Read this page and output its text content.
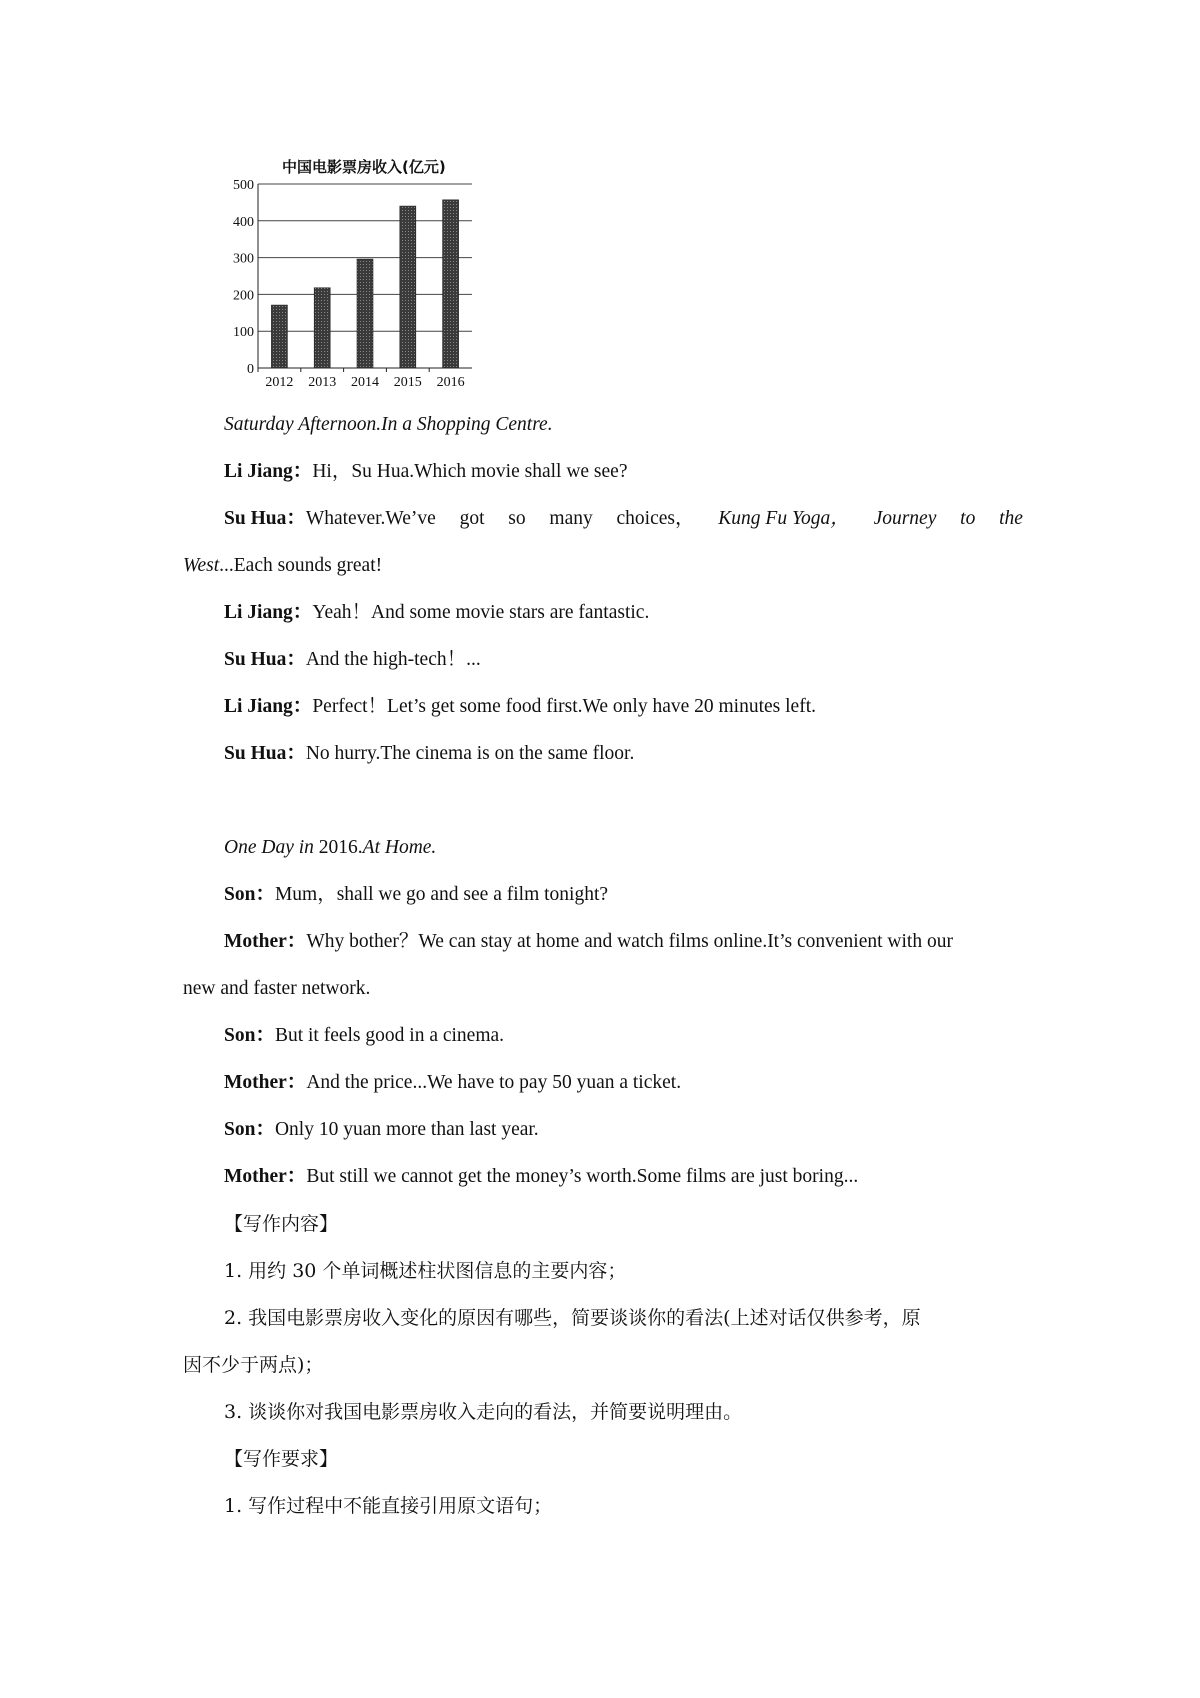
中国电影票房收入(亿元)
0
100
200
300
400
500
2012 2013 2014 2015 2016
Saturday Afternoon.In a Shopping Centre.
Li Jiang：Hi，Su Hua.Which movie shall we see?
Su Hua：Whatever.We’ve got so many choices， Kung Fu Yoga， Journey to the
West...Each sounds great!
Li Jiang：Yeah！And some movie stars are fantastic.
Su Hua：And the high-tech！...
Li Jiang：Perfect！Let’s get some food first.We only have 20 minutes left.
Su Hua：No hurry.The cinema is on the same floor.
One Day in 2016.At Home.
Son：Mum，shall we go and see a film tonight?
Mother：Why bother？We can stay at home and watch films online.It’s convenient with our
new and faster network.
Son：But it feels good in a cinema.
Mother：And the price...We have to pay 50 yuan a ticket.
Son：Only 10 yuan more than last year.
Mother：But still we cannot get the money’s worth.Some films are just boring...
【写作内容】
1. 用约 30 个单词概述柱状图信息的主要内容；
2. 我国电影票房收入变化的原因有哪些，简要谈谈你的看法(上述对话仅供参考，原
因不少于两点)；
3. 谈谈你对我国电影票房收入走向的看法，并简要说明理由。
【写作要求】
1. 写作过程中不能直接引用原文语句；
